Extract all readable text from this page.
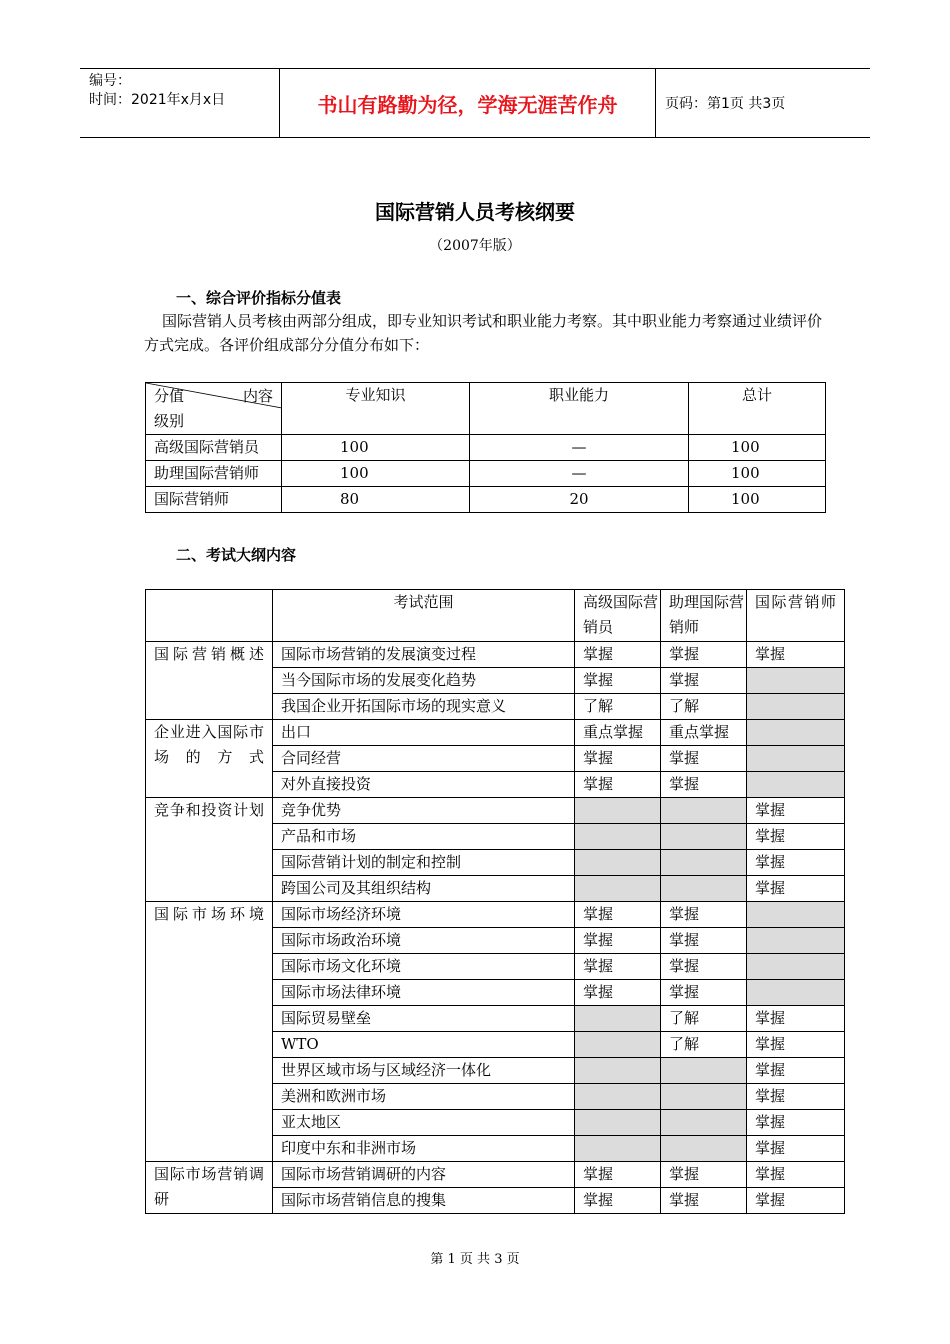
编号：
时间：2021年x月x日	书山有路勤为径，学海无涯苦作舟	页码：第1页 共3页
国际营销人员考核纲要
（2007年版）
一、综合评价指标分值表
国际营销人员考核由两部分组成，即专业知识考试和职业能力考察。其中职业能力考察通过业绩评价方式完成。各评价组成部分分值分布如下：
分值 内容
级别	专业知识	职业能力	总计
高级国际营销员	100	—	100
助理国际营销师	100	—	100
国际营销师	80	20	100
二、考试大纲内容
	考试范围	高级国际营销员	助理国际营销师	国际营销师
国际营销概述	国际市场营销的发展演变过程	掌握	掌握	掌握
	当今国际市场的发展变化趋势	掌握	掌握	
	我国企业开拓国际市场的现实意义	了解	了解	
企业进入国际市场的方式	出口	重点掌握	重点掌握	
	合同经营	掌握	掌握	
	对外直接投资	掌握	掌握	
竞争和投资计划	竞争优势			掌握
	产品和市场			掌握
	国际营销计划的制定和控制			掌握
	跨国公司及其组织结构			掌握
国际市场环境	国际市场经济环境	掌握	掌握	
	国际市场政治环境	掌握	掌握	
	国际市场文化环境	掌握	掌握	
	国际市场法律环境	掌握	掌握	
	国际贸易壁垒		了解	掌握
	WTO		了解	掌握
	世界区域市场与区域经济一体化			掌握
	美洲和欧洲市场			掌握
	亚太地区			掌握
	印度中东和非洲市场			掌握
国际市场营销调研	国际市场营销调研的内容	掌握	掌握	掌握
	国际市场营销信息的搜集	掌握	掌握	掌握
第 1 页 共 3 页
